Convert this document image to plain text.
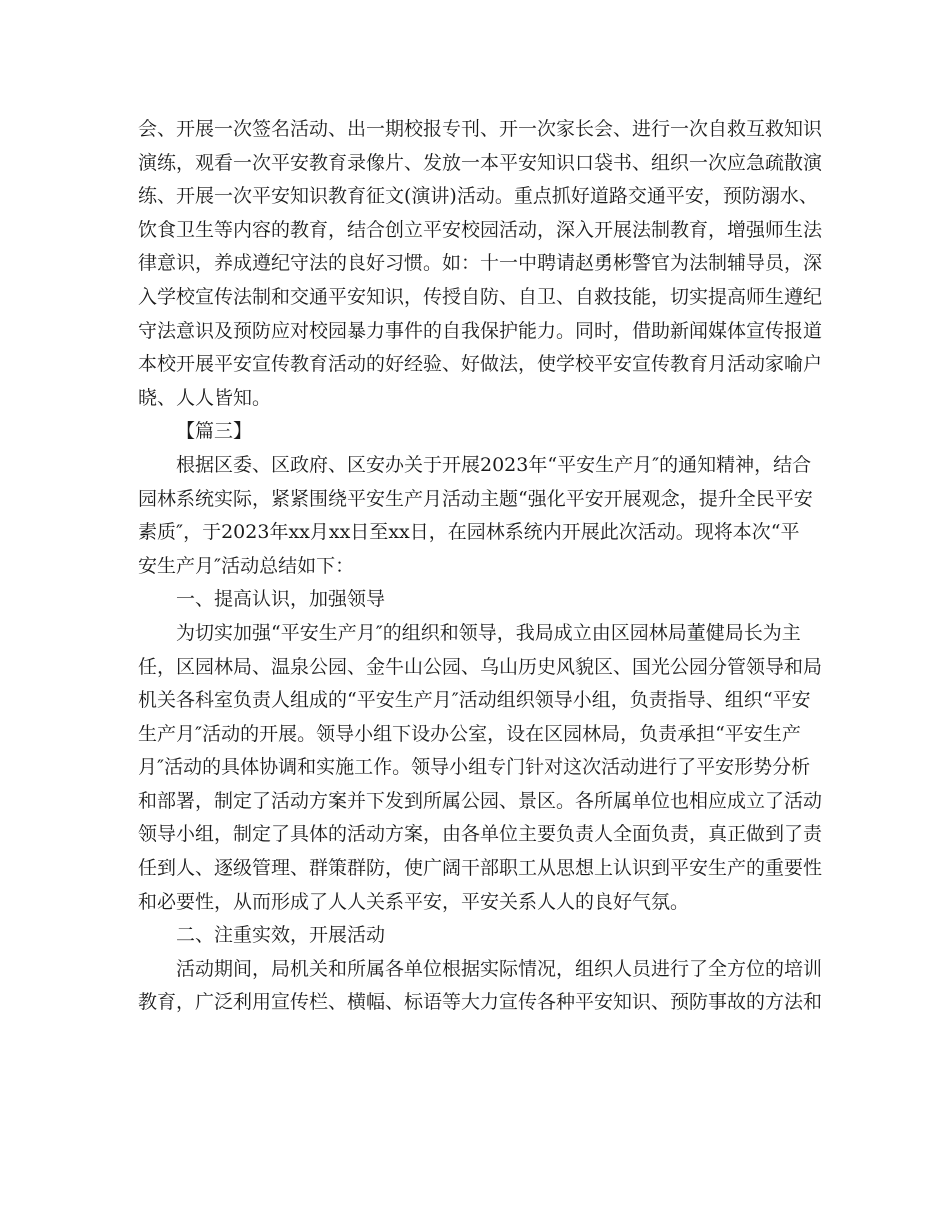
会、开展一次签名活动、出一期校报专刊、开一次家长会、进行一次自救互救知识
演练，观看一次平安教育录像片、发放一本平安知识口袋书、组织一次应急疏散演
练、开展一次平安知识教育征文(演讲)活动。重点抓好道路交通平安，预防溺水、
饮食卫生等内容的教育，结合创立平安校园活动，深入开展法制教育，增强师生法
律意识，养成遵纪守法的良好习惯。如：十一中聘请赵勇彬警官为法制辅导员，深
入学校宣传法制和交通平安知识，传授自防、自卫、自救技能，切实提高师生遵纪
守法意识及预防应对校园暴力事件的自我保护能力。同时，借助新闻媒体宣传报道
本校开展平安宣传教育活动的好经验、好做法，使学校平安宣传教育月活动家喻户
晓、人人皆知。
【篇三】
根据区委、区政府、区安办关于开展2023年“平安生产月″的通知精神，结合
园林系统实际，紧紧围绕平安生产月活动主题“强化平安开展观念，提升全民平安
素质″，于2023年xx月xx日至xx日，在园林系统内开展此次活动。现将本次“平
安生产月″活动总结如下：
一、提高认识，加强领导
为切实加强“平安生产月″的组织和领导，我局成立由区园林局董健局长为主
任，区园林局、温泉公园、金牛山公园、乌山历史风貌区、国光公园分管领导和局
机关各科室负责人组成的“平安生产月″活动组织领导小组，负责指导、组织“平安
生产月″活动的开展。领导小组下设办公室，设在区园林局，负责承担“平安生产
月″活动的具体协调和实施工作。领导小组专门针对这次活动进行了平安形势分析
和部署，制定了活动方案并下发到所属公园、景区。各所属单位也相应成立了活动
领导小组，制定了具体的活动方案，由各单位主要负责人全面负责，真正做到了责
任到人、逐级管理、群策群防，使广阔干部职工从思想上认识到平安生产的重要性
和必要性，从而形成了人人关系平安，平安关系人人的良好气氛。
二、注重实效，开展活动
活动期间，局机关和所属各单位根据实际情况，组织人员进行了全方位的培训
教育，广泛利用宣传栏、横幅、标语等大力宣传各种平安知识、预防事故的方法和
